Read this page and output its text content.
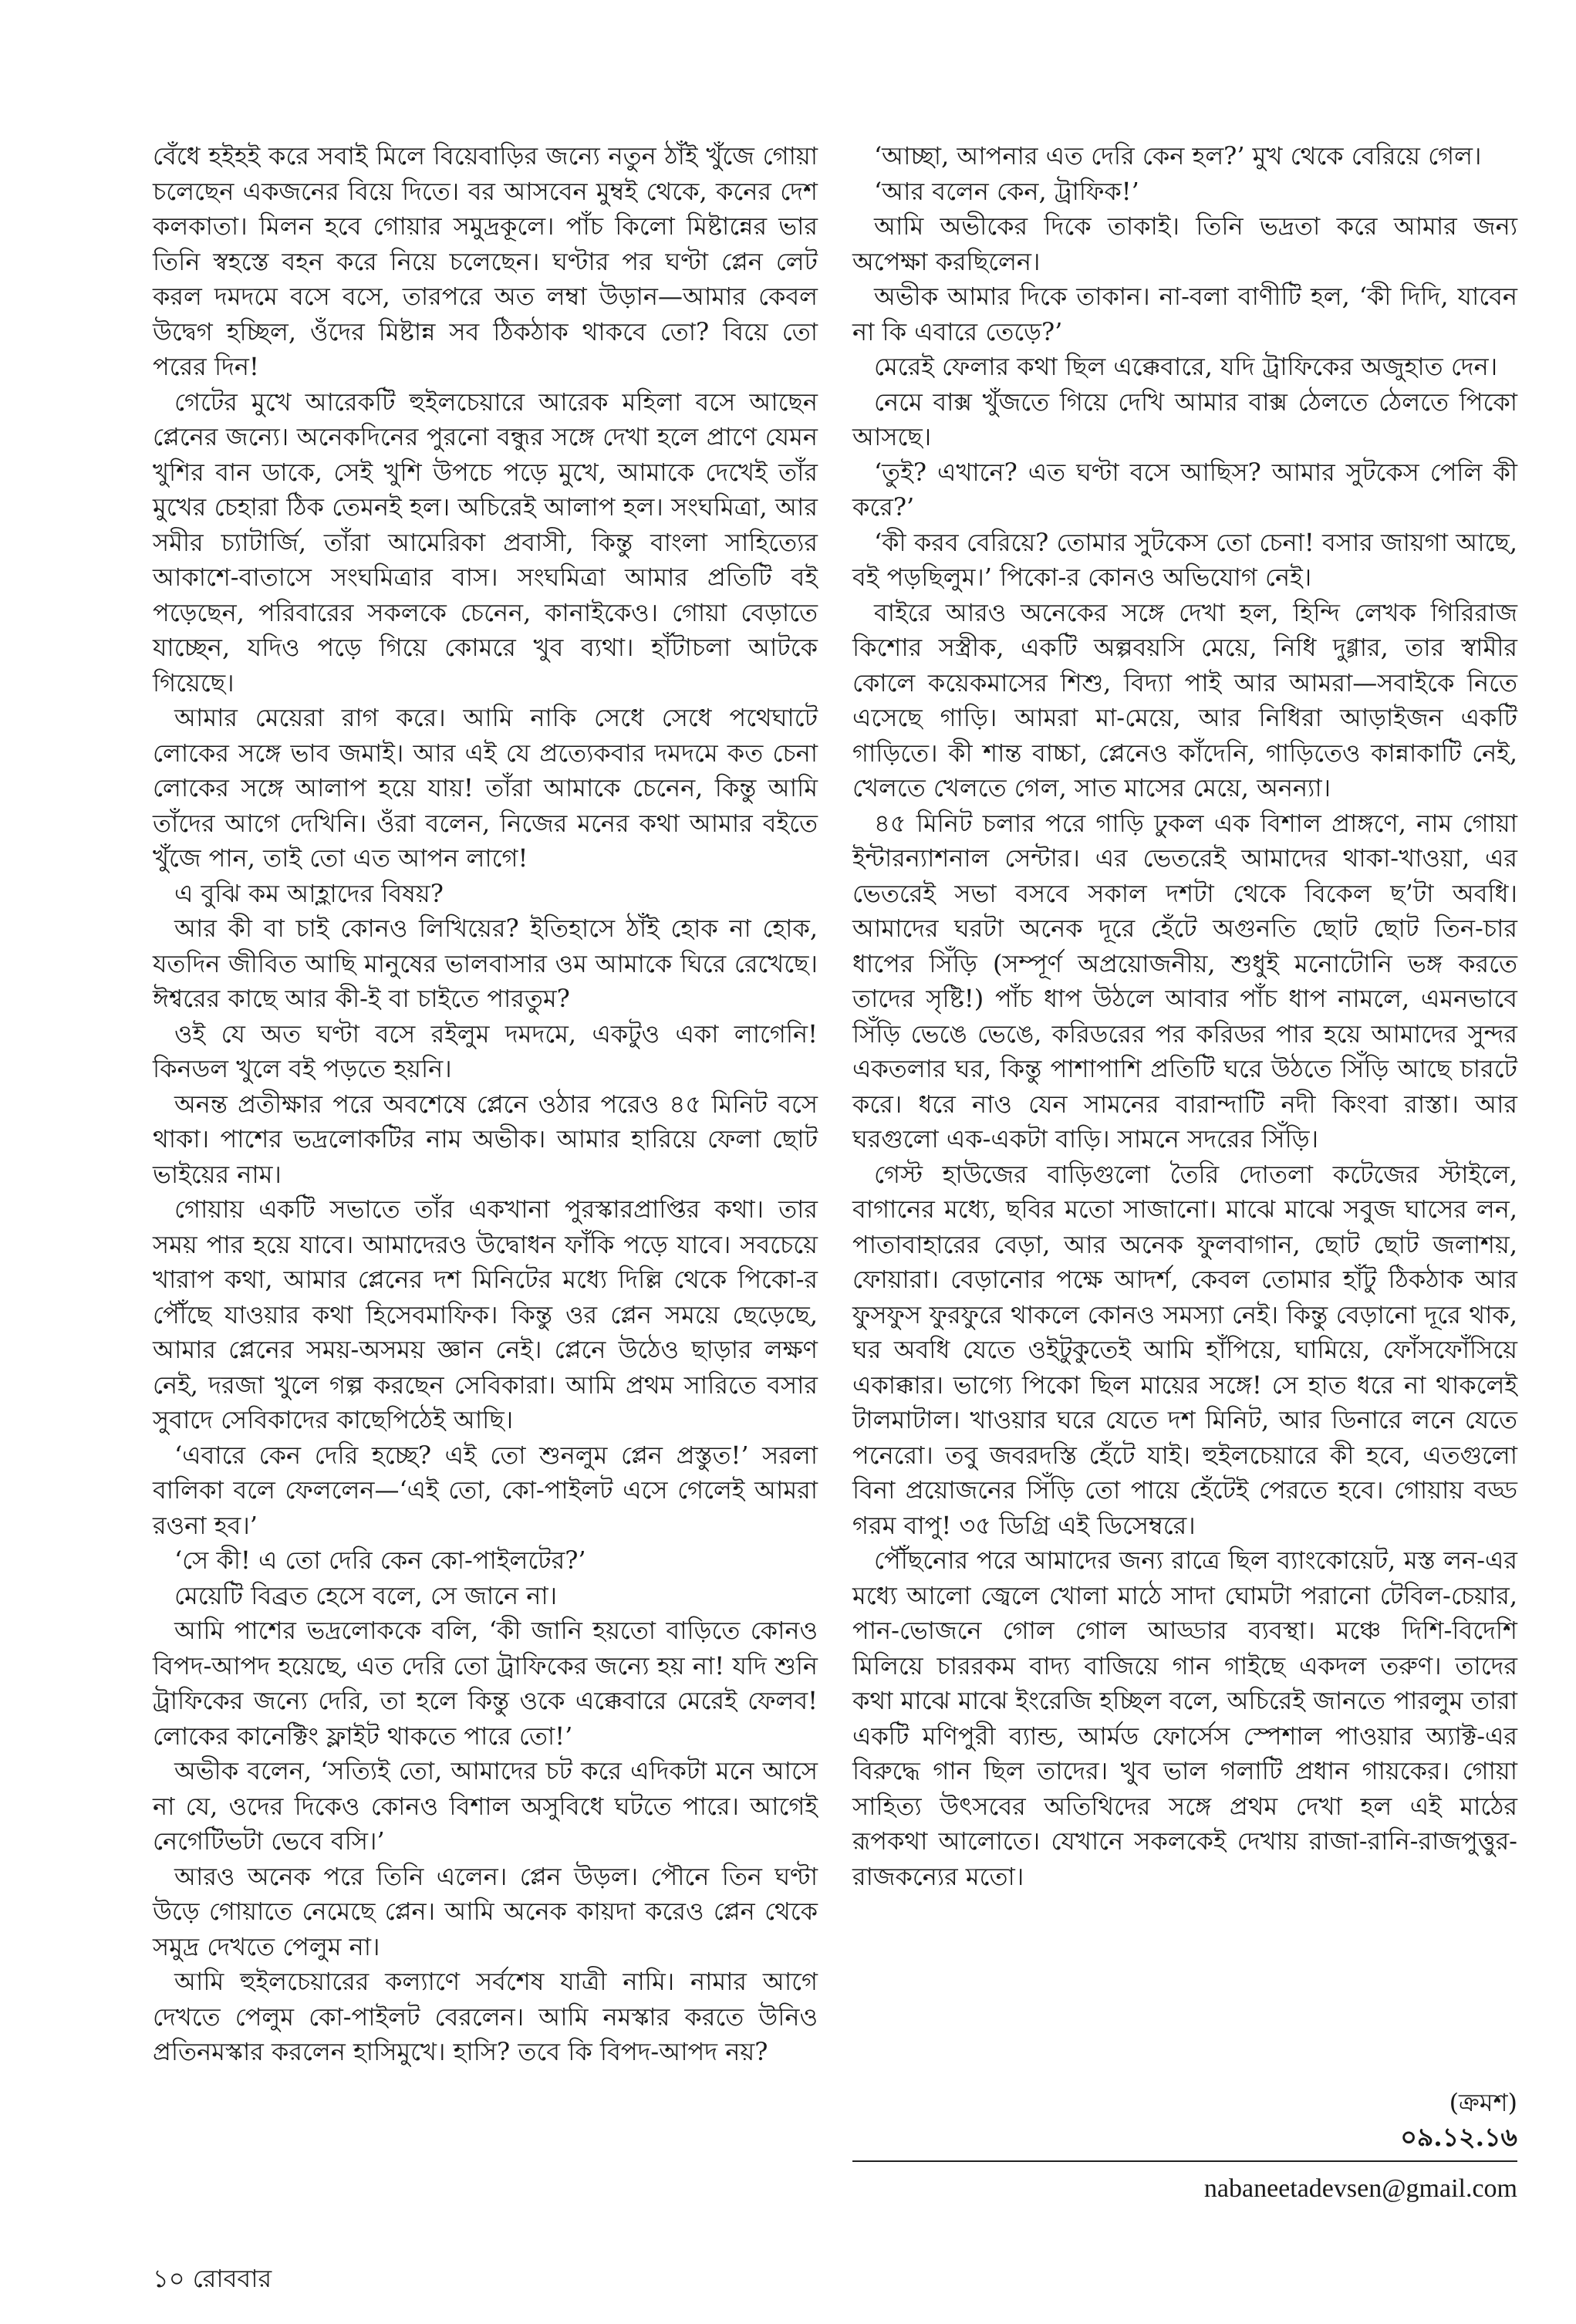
বেঁধে হইহই করে সবাই মিলে বিয়েবাড়ির জন্যে নতুন ঠাঁই খুঁজে গোয়া চলেছেন একজনের বিয়ে দিতে। বর আসবেন মুম্বই থেকে, কনের দেশ কলকাতা। মিলন হবে গোয়ার সমুদ্রকূলে। পাঁচ কিলো মিষ্টান্নের ভার তিনি স্বহস্তে বহন করে নিয়ে চলেছেন। ঘণ্টার পর ঘণ্টা প্লেন লেট করল দমদমে বসে বসে, তারপরে অত লম্বা উড়ান—আমার কেবল উদ্বেগ হচ্ছিল, ওঁদের মিষ্টান্ন সব ঠিকঠাক থাকবে তো? বিয়ে তো পরের দিন!

গেটের মুখে আরেকটি হুইলচেয়ারে আরেক মহিলা বসে আছেন প্লেনের জন্যে। অনেকদিনের পুরনো বন্ধুর সঙ্গে দেখা হলে প্রাণে যেমন খুশির বান ডাকে, সেই খুশি উপচে পড়ে মুখে, আমাকে দেখেই তাঁর মুখের চেহারা ঠিক তেমনই হল। অচিরেই আলাপ হল। সংঘমিত্রা, আর সমীর চ্যাটার্জি, তাঁরা আমেরিকা প্রবাসী, কিন্তু বাংলা সাহিত্যের আকাশে-বাতাসে সংঘমিত্রার বাস। সংঘমিত্রা আমার প্রতিটি বই পড়েছেন, পরিবারের সকলকে চেনেন, কানাইকেও। গোয়া বেড়াতে যাচ্ছেন, যদিও পড়ে গিয়ে কোমরে খুব ব্যথা। হাঁটাচলা আটকে গিয়েছে।

আমার মেয়েরা রাগ করে। আমি নাকি সেধে সেধে পথেঘাটে লোকের সঙ্গে ভাব জমাই। আর এই যে প্রত্যেকবার দমদমে কত চেনা লোকের সঙ্গে আলাপ হয়ে যায়! তাঁরা আমাকে চেনেন, কিন্তু আমি তাঁদের আগে দেখিনি। ওঁরা বলেন, নিজের মনের কথা আমার বইতে খুঁজে পান, তাই তো এত আপন লাগে!

এ বুঝি কম আহ্লাদের বিষয়?

আর কী বা চাই কোনও লিখিয়ের? ইতিহাসে ঠাঁই হোক না হোক, যতদিন জীবিত আছি মানুষের ভালবাসার ওম আমাকে ঘিরে রেখেছে। ঈশ্বরের কাছে আর কী-ই বা চাইতে পারতুম?

ওই যে অত ঘণ্টা বসে রইলুম দমদমে, একটুও একা লাগেনি! কিনডল খুলে বই পড়তে হয়নি।

অনন্ত প্রতীক্ষার পরে অবশেষে প্লেনে ওঠার পরেও ৪৫ মিনিট বসে থাকা। পাশের ভদ্রলোকটির নাম অভীক। আমার হারিয়ে ফেলা ছোট ভাইয়ের নাম।

গোয়ায় একটি সভাতে তাঁর একখানা পুরস্কারপ্রাপ্তির কথা। তার সময় পার হয়ে যাবে। আমাদেরও উদ্বোধন ফাঁকি পড়ে যাবে। সবচেয়ে খারাপ কথা, আমার প্লেনের দশ মিনিটের মধ্যে দিল্লি থেকে পিকো-র পৌঁছে যাওয়ার কথা হিসেবমাফিক। কিন্তু ওর প্লেন সময়ে ছেড়েছে, আমার প্লেনের সময়-অসময় জ্ঞান নেই। প্লেনে উঠেও ছাড়ার লক্ষণ নেই, দরজা খুলে গল্প করছেন সেবিকারা। আমি প্রথম সারিতে বসার সুবাদে সেবিকাদের কাছেপিঠেই আছি।

‘এবারে কেন দেরি হচ্ছে? এই তো শুনলুম প্লেন প্রস্তুত!’ সরলা বালিকা বলে ফেললেন—‘এই তো, কো-পাইলট এসে গেলেই আমরা রওনা হব।’

‘সে কী! এ তো দেরি কেন কো-পাইলটের?’

মেয়েটি বিব্রত হেসে বলে, সে জানে না।

আমি পাশের ভদ্রলোককে বলি, ‘কী জানি হয়তো বাড়িতে কোনও বিপদ-আপদ হয়েছে, এত দেরি তো ট্রাফিকের জন্যে হয় না! যদি শুনি ট্রাফিকের জন্যে দেরি, তা হলে কিন্তু ওকে এক্কেবারে মেরেই ফেলব! লোকের কানেক্টিং ফ্লাইট থাকতে পারে তো!’

অভীক বলেন, ‘সত্যিই তো, আমাদের চট করে এদিকটা মনে আসে না যে, ওদের দিকেও কোনও বিশাল অসুবিধে ঘটতে পারে। আগেই নেগেটিভটা ভেবে বসি।’

আরও অনেক পরে তিনি এলেন। প্লেন উড়ল। পৌনে তিন ঘণ্টা উড়ে গোয়াতে নেমেছে প্লেন। আমি অনেক কায়দা করেও প্লেন থেকে সমুদ্র দেখতে পেলুম না।

আমি হুইলচেয়ারের কল্যাণে সর্বশেষ যাত্রী নামি। নামার আগে দেখতে পেলুম কো-পাইলট বেরলেন। আমি নমস্কার করতে উনিও প্রতিনমস্কার করলেন হাসিমুখে। হাসি? তবে কি বিপদ-আপদ নয়?

‘আচ্ছা, আপনার এত দেরি কেন হল?’ মুখ থেকে বেরিয়ে গেল।

‘আর বলেন কেন, ট্রাফিক!’

আমি অভীকের দিকে তাকাই। তিনি ভদ্রতা করে আমার জন্য অপেক্ষা করছিলেন।

অভীক আমার দিকে তাকান। না-বলা বাণীটি হল, ‘কী দিদি, যাবেন না কি এবারে তেড়ে?’

মেরেই ফেলার কথা ছিল এক্কেবারে, যদি ট্রাফিকের অজুহাত দেন।

নেমে বাক্স খুঁজতে গিয়ে দেখি আমার বাক্স ঠেলতে ঠেলতে পিকো আসছে।

‘তুই? এখানে? এত ঘণ্টা বসে আছিস? আমার সুটকেস পেলি কী করে?’

‘কী করব বেরিয়ে? তোমার সুটকেস তো চেনা! বসার জায়গা আছে, বই পড়ছিলুম।’ পিকো-র কোনও অভিযোগ নেই।

বাইরে আরও অনেকের সঙ্গে দেখা হল, হিন্দি লেখক গিরিরাজ কিশোর সস্ত্রীক, একটি অল্পবয়সি মেয়ে, নিধি দুগ্গার, তার স্বামীর কোলে কয়েকমাসের শিশু, বিদ্যা পাই আর আমরা—সবাইকে নিতে এসেছে গাড়ি। আমরা মা-মেয়ে, আর নিধিরা আড়াইজন একটি গাড়িতে। কী শান্ত বাচ্চা, প্লেনেও কাঁদেনি, গাড়িতেও কান্নাকাটি নেই, খেলতে খেলতে গেল, সাত মাসের মেয়ে, অনন্যা।

৪৫ মিনিট চলার পরে গাড়ি ঢুকল এক বিশাল প্রাঙ্গণে, নাম গোয়া ইন্টারন্যাশনাল সেন্টার। এর ভেতরেই আমাদের থাকা-খাওয়া, এর ভেতরেই সভা বসবে সকাল দশটা থেকে বিকেল ছ’টা অবধি। আমাদের ঘরটা অনেক দূরে হেঁটে অগুনতি ছোট ছোট তিন-চার ধাপের সিঁড়ি (সম্পূর্ণ অপ্রয়োজনীয়, শুধুই মনোটোনি ভঙ্গ করতে তাদের সৃষ্টি!) পাঁচ ধাপ উঠলে আবার পাঁচ ধাপ নামলে, এমনভাবে সিঁড়ি ভেঙে ভেঙে, করিডরের পর করিডর পার হয়ে আমাদের সুন্দর একতলার ঘর, কিন্তু পাশাপাশি প্রতিটি ঘরে উঠতে সিঁড়ি আছে চারটে করে। ধরে নাও যেন সামনের বারান্দাটি নদী কিংবা রাস্তা। আর ঘরগুলো এক-একটা বাড়ি। সামনে সদরের সিঁড়ি।

গেস্ট হাউজের বাড়িগুলো তৈরি দোতলা কটেজের স্টাইলে, বাগানের মধ্যে, ছবির মতো সাজানো। মাঝে মাঝে সবুজ ঘাসের লন, পাতাবাহারের বেড়া, আর অনেক ফুলবাগান, ছোট ছোট জলাশয়, ফোয়ারা। বেড়ানোর পক্ষে আদর্শ, কেবল তোমার হাঁটু ঠিকঠাক আর ফুসফুস ফুরফুরে থাকলে কোনও সমস্যা নেই। কিন্তু বেড়ানো দূরে থাক, ঘর অবধি যেতে ওইটুকুতেই আমি হাঁপিয়ে, ঘামিয়ে, ফোঁসফোঁসিয়ে একাক্কার। ভাগ্যে পিকো ছিল মায়ের সঙ্গে! সে হাত ধরে না থাকলেই টালমাটাল। খাওয়ার ঘরে যেতে দশ মিনিট, আর ডিনারে লনে যেতে পনেরো। তবু জবরদস্তি হেঁটে যাই। হুইলচেয়ারে কী হবে, এতগুলো বিনা প্রয়োজনের সিঁড়ি তো পায়ে হেঁটেই পেরতে হবে। গোয়ায় বড্ড গরম বাপু! ৩৫ ডিগ্রি এই ডিসেম্বরে।

পৌঁছনোর পরে আমাদের জন্য রাত্রে ছিল ব্যাংকোয়েট, মস্ত লন-এর মধ্যে আলো জ্বেলে খোলা মাঠে সাদা ঘোমটা পরানো টেবিল-চেয়ার, পান-ভোজনে গোল গোল আড্ডার ব্যবস্থা। মঞ্চে দিশি-বিদেশি মিলিয়ে চাররকম বাদ্য বাজিয়ে গান গাইছে একদল তরুণ। তাদের কথা মাঝে মাঝে ইংরেজি হচ্ছিল বলে, অচিরেই জানতে পারলুম তারা একটি মণিপুরী ব্যান্ড, আর্মড ফোর্সেস স্পেশাল পাওয়ার অ্যাক্ট-এর বিরুদ্ধে গান ছিল তাদের। খুব ভাল গলাটি প্রধান গায়কের। গোয়া সাহিত্য উৎসবের অতিথিদের সঙ্গে প্রথম দেখা হল এই মাঠের রূপকথা আলোতে। যেখানে সকলকেই দেখায় রাজা-রানি-রাজপুত্তুর-রাজকন্যের মতো।

(ক্রমশ)
০৯.১২.১৬
nabaneetadevsen@gmail.com
১০ রোববার
